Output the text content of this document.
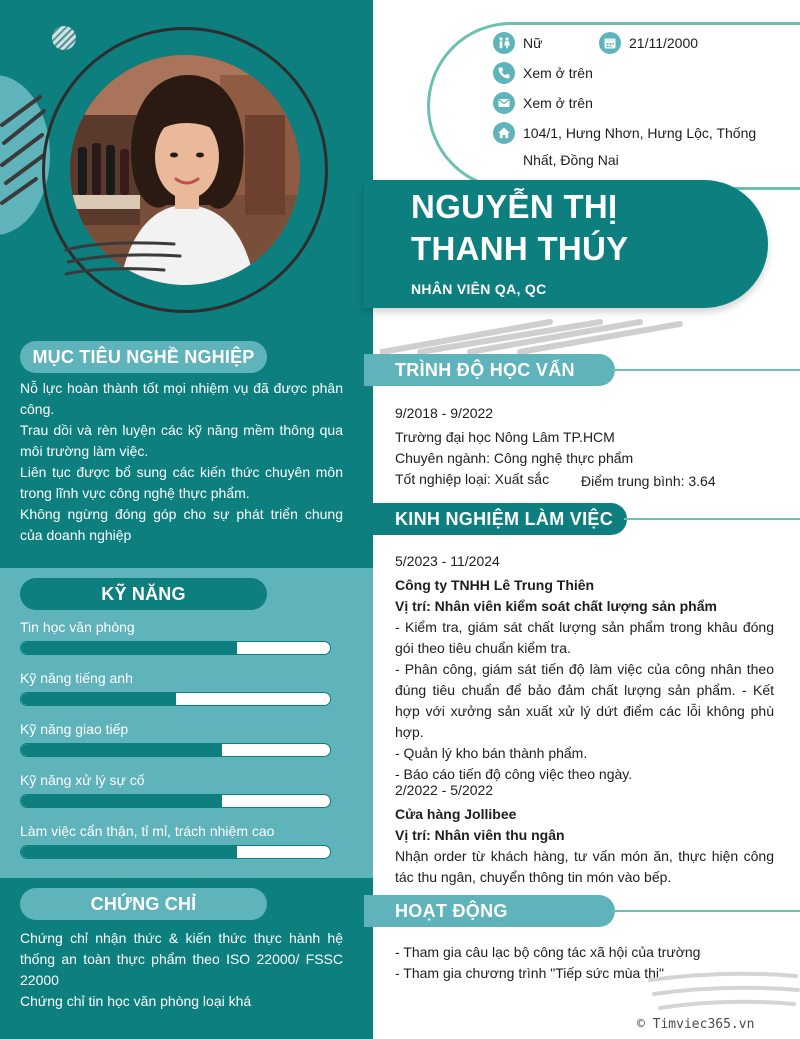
MỤC TIÊU NGHỀ NGHIỆP

Nỗ lực hoàn thành tốt mọi nhiệm vụ đã được phân công.

Trau dồi và rèn luyện các kỹ năng mềm thông qua môi trường làm việc.

Liên tục được bổ sung các kiến thức chuyên môn trong lĩnh vực công nghệ thực phẩm.

Không ngừng đóng góp cho sự phát triển chung của doanh nghiệp

KỸ NĂNG
Tin học văn phòng
Kỹ năng tiếng anh
Kỹ năng giao tiếp
Kỹ năng xử lý sự cố
Làm việc cẩn thận, tỉ mỉ, trách nhiệm cao
CHỨNG CHỈ

Chứng chỉ nhận thức & kiến thức thực hành hệ thống an toàn thực phẩm theo ISO 22000/ FSSC 22000

Chứng chỉ tin học văn phòng loại khá

Nữ	21/11/2000
Xem ở trên
Xem ở trên
104/1, Hưng Nhơn, Hưng Lộc, Thống
Nhất, Đồng Nai
NGUYỄN THỊ
THANH THÚY
NHÂN VIÊN QA, QC
TRÌNH ĐỘ HỌC VẤN

9/2018 - 9/2022

Trường đại học Nông Lâm TP.HCM

Chuyên ngành: Công nghệ thực phẩm

Tốt nghiệp loại: Xuất sắc	Điểm trung bình: 3.64
KINH NGHIỆM LÀM VIỆC

5/2023 - 11/2024

Công ty TNHH Lê Trung Thiên

Vị trí: Nhân viên kiểm soát chất lượng sản phẩm

- Kiểm tra, giám sát chất lượng sản phẩm trong khâu đóng gói theo tiêu chuẩn kiểm tra.

- Phân công, giám sát tiến độ làm việc của công nhân theo đúng tiêu chuẩn để bảo đảm chất lượng sản phẩm. - Kết hợp với xưởng sản xuất xử lý dứt điểm các lỗi không phù hợp.

- Quản lý kho bán thành phẩm.

- Báo cáo tiến độ công việc theo ngày.

2/2022 - 5/2022

Cửa hàng Jollibee

Vị trí: Nhân viên thu ngân

Nhận order từ khách hàng, tư vấn món ăn, thực hiện công tác thu ngân, chuyển thông tin món vào bếp.

HOẠT ĐỘNG

- Tham gia câu lạc bộ công tác xã hội của trường

- Tham gia chương trình "Tiếp sức mùa thi"

© Timviec365.vn
